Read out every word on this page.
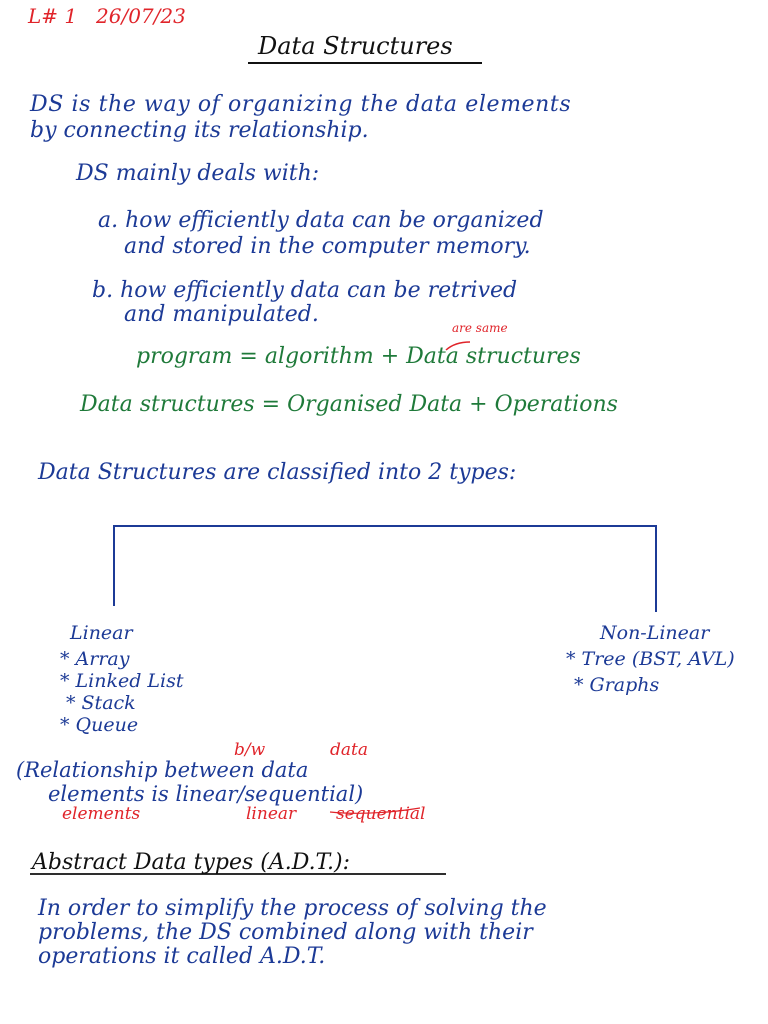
L# 1 26/07/23
Data Structures
DS is the way of organizing the data elements
by connecting its relationship.
DS mainly deals with:
a. how efficiently data can be organized
and stored in the computer memory.
b. how efficiently data can be retrived
and manipulated.
are same
program = algorithm + Data structures
Data structures = Organised Data + Operations
Data Structures are classified into 2 types:
Linear
* Array
* Linked List
* Stack
* Queue
Non-Linear
* Tree (BST, AVL)
* Graphs
b/w	data
(Relationship between data
elements is linear/sequential)
elements	linear sequential
Abstract Data types (A.D.T.):
In order to simplify the process of solving the
problems, the DS combined along with their
operations it called A.D.T.
